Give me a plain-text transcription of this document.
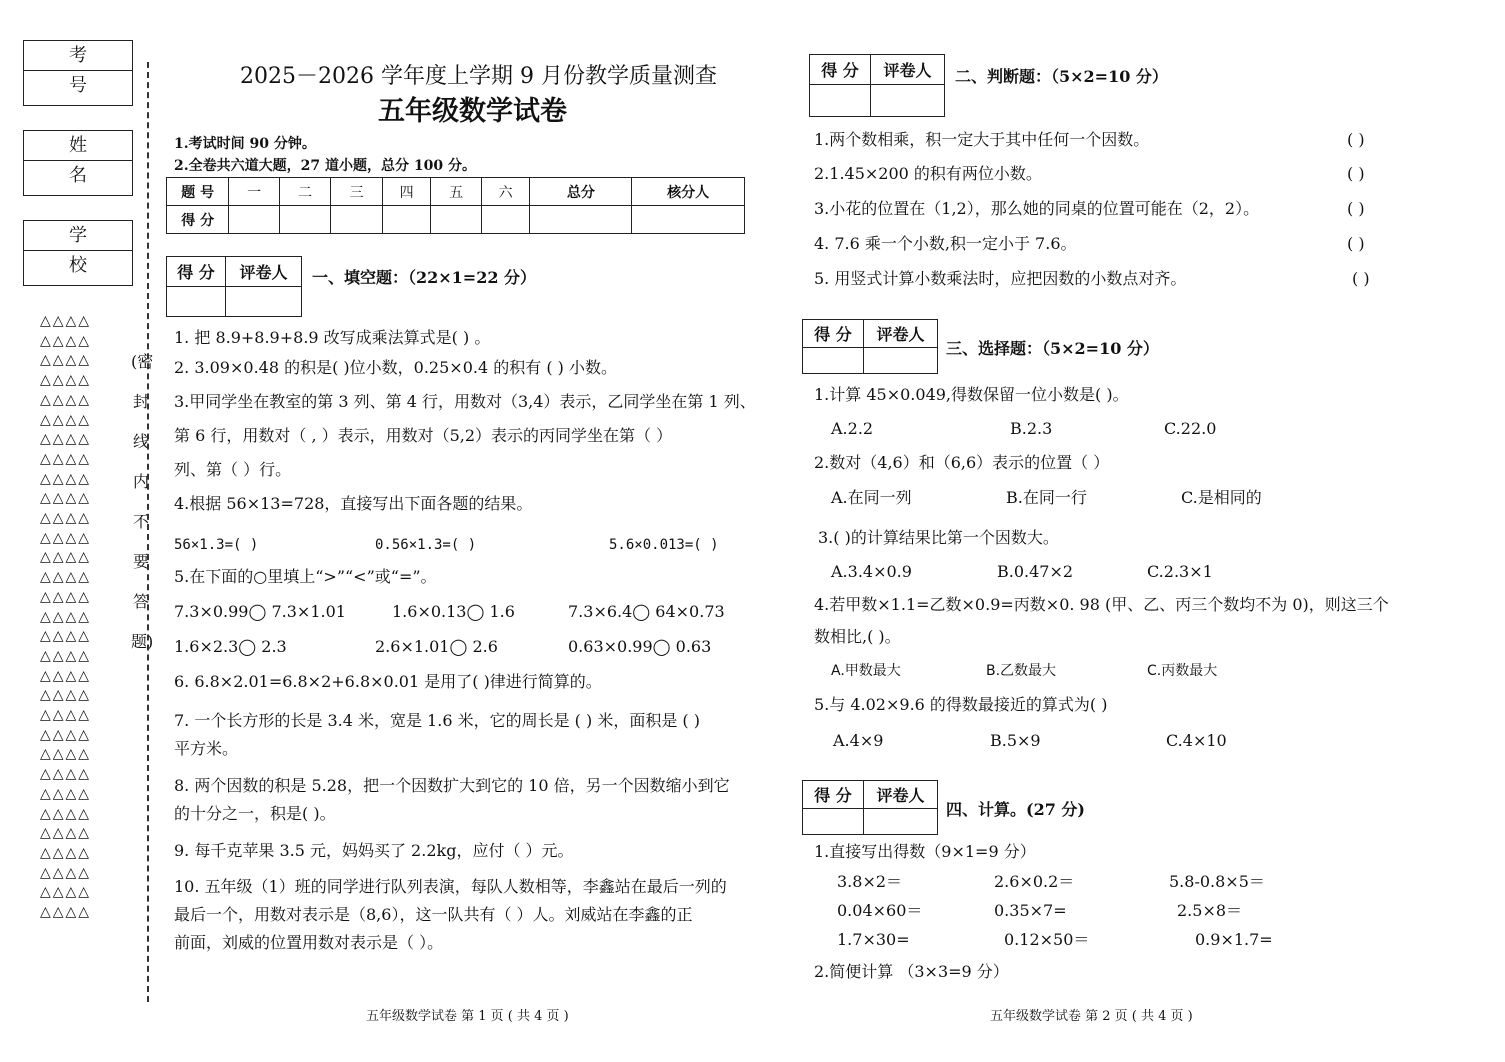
考 号
姓 名
学 校
△△△△
△△△△
△△△△
△△△△
△△△△
△△△△
△△△△
△△△△
△△△△
△△△△
△△△△
△△△△
△△△△
△△△△
△△△△
△△△△
△△△△
△△△△
△△△△
△△△△
△△△△
△△△△
△△△△
△△△△
△△△△
△△△△
△△△△
△△△△
△△△△
△△△△
△△△△
(密
封
线
内
不
要
答
题)
2025－2026 学年度上学期 9 月份教学质量测查
五年级数学试卷
1.考试时间 90 分钟。
2.全卷共六道大题，27 道小题，总分 100 分。
题 号	一	二	三	四	五	六	总分	核分人
得 分								
得 分	评卷人
	一、填空题：（22×1=22 分）
1. 把 8.9+8.9+8.9 改写成乘法算式是( ) 。
2. 3.09×0.48 的积是( )位小数，0.25×0.4 的积有 ( ) 小数。
3.甲同学坐在教室的第 3 列、第 4 行，用数对（3,4）表示，乙同学坐在第 1 列、
第 6 行，用数对（ , ）表示，用数对（5,2）表示的丙同学坐在第（ ）
列、第（ ）行。
4.根据 56×13=728，直接写出下面各题的结果。
56×1.3=( )	0.56×1.3=( )	5.6×0.013=( )
5.在下面的○里填上“>”“<”或“=”。
7.3×0.99◯ 7.3×1.01	1.6×0.13◯ 1.6	7.3×6.4◯ 64×0.73
1.6×2.3◯ 2.3	2.6×1.01◯ 2.6	0.63×0.99◯ 0.63
6. 6.8×2.01=6.8×2+6.8×0.01 是用了( )律进行简算的。
7. 一个长方形的长是 3.4 米，宽是 1.6 米，它的周长是 ( ) 米，面积是 ( )
平方米。
8. 两个因数的积是 5.28，把一个因数扩大到它的 10 倍，另一个因数缩小到它
的十分之一，积是( )。
9. 每千克苹果 3.5 元，妈妈买了 2.2kg，应付（ ）元。
10. 五年级（1）班的同学进行队列表演，每队人数相等，李鑫站在最后一列的
最后一个，用数对表示是（8,6），这一队共有（ ）人。刘威站在李鑫的正
前面，刘威的位置用数对表示是（ ）。
五年级数学试卷 第 1 页 ( 共 4 页 )
得 分	评卷人
	二、判断题：（5×2=10 分）
1.两个数相乘，积一定大于其中任何一个因数。	( )
2.1.45×200 的积有两位小数。	( )
3.小花的位置在（1,2），那么她的同桌的位置可能在（2，2）。	( )
4. 7.6 乘一个小数,积一定小于 7.6。	( )
5. 用竖式计算小数乘法时，应把因数的小数点对齐。	( )
得 分	评卷人

三、选择题：（5×2=10 分）
1.计算 45×0.049,得数保留一位小数是( )。
A.2.2	B.2.3	C.22.0
2.数对（4,6）和（6,6）表示的位置（ ）
A.在同一列	B.在同一行	C.是相同的
3.( )的计算结果比第一个因数大。
A.3.4×0.9	B.0.47×2	C.2.3×1
4.若甲数×1.1=乙数×0.9=丙数×0. 98 (甲、乙、丙三个数均不为 0)，则这三个
数相比,( )。
A.甲数最大	B.乙数最大	C.丙数最大
5.与 4.02×9.6 的得数最接近的算式为( )
A.4×9	B.5×9	C.4×10
得 分	评卷人

四、计算。(27 分)
1.直接写出得数（9×1=9 分）
3.8×2＝	2.6×0.2＝	5.8-0.8×5＝
0.04×60＝	0.35×7=	2.5×8＝
1.7×30=	0.12×50＝	0.9×1.7=
2.简便计算 （3×3=9 分）
五年级数学试卷 第 2 页 ( 共 4 页 )
